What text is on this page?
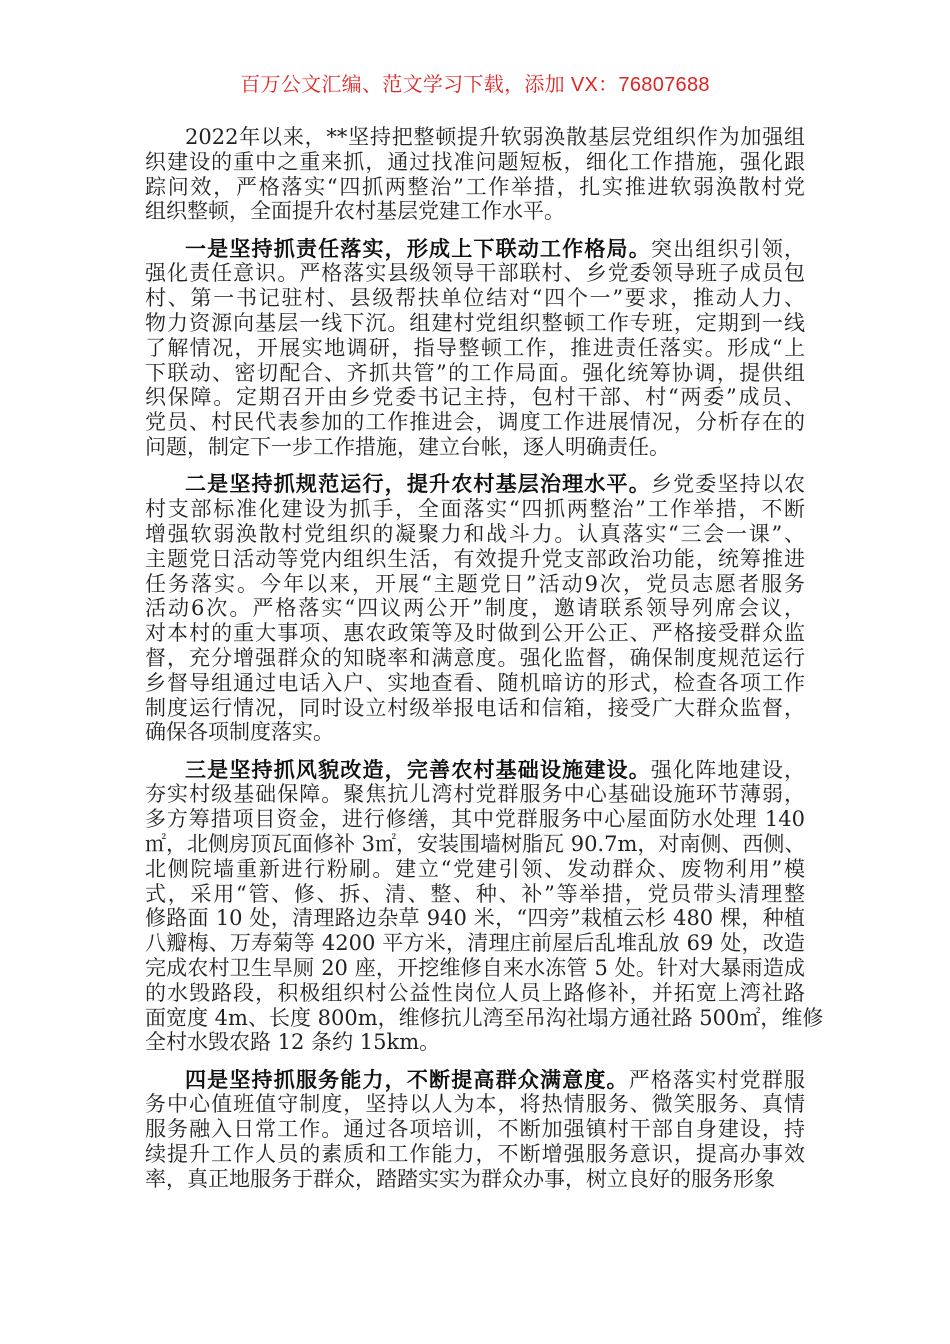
百万公文汇编、范文学习下载，添加 VX：76807688
2022年以来，**坚持把整顿提升软弱涣散基层党组织作为加强组
织建设的重中之重来抓，通过找准问题短板，细化工作措施，强化跟
踪问效，严格落实“四抓两整治”工作举措，扎实推进软弱涣散村党
组织整顿，全面提升农村基层党建工作水平。
一是坚持抓责任落实，形成上下联动工作格局。突出组织引领，
强化责任意识。严格落实县级领导干部联村、乡党委领导班子成员包
村、第一书记驻村、县级帮扶单位结对“四个一”要求，推动人力、
物力资源向基层一线下沉。组建村党组织整顿工作专班，定期到一线
了解情况，开展实地调研，指导整顿工作，推进责任落实。形成“上
下联动、密切配合、齐抓共管”的工作局面。强化统筹协调，提供组
织保障。定期召开由乡党委书记主持，包村干部、村“两委”成员、
党员、村民代表参加的工作推进会，调度工作进展情况，分析存在的
问题，制定下一步工作措施，建立台帐，逐人明确责任。
二是坚持抓规范运行，提升农村基层治理水平。乡党委坚持以农
村支部标准化建设为抓手，全面落实“四抓两整治”工作举措，不断
增强软弱涣散村党组织的凝聚力和战斗力。认真落实“三会一课”、
主题党日活动等党内组织生活，有效提升党支部政治功能，统筹推进
任务落实。今年以来，开展“主题党日”活动9次，党员志愿者服务
活动6次。严格落实“四议两公开”制度，邀请联系领导列席会议，
对本村的重大事项、惠农政策等及时做到公开公正、严格接受群众监
督，充分增强群众的知晓率和满意度。强化监督，确保制度规范运行
乡督导组通过电话入户、实地查看、随机暗访的形式，检查各项工作
制度运行情况，同时设立村级举报电话和信箱，接受广大群众监督，
确保各项制度落实。
三是坚持抓风貌改造，完善农村基础设施建设。强化阵地建设，
夯实村级基础保障。聚焦抗儿湾村党群服务中心基础设施环节薄弱，
多方筹措项目资金，进行修缮，其中党群服务中心屋面防水处理 140
㎡，北侧房顶瓦面修补 3㎡，安装围墙树脂瓦 90.7m，对南侧、西侧、
北侧院墙重新进行粉刷。建立“党建引领、发动群众、废物利用”模
式，采用“管、修、拆、清、整、种、补”等举措，党员带头清理整
修路面 10 处，清理路边杂草 940 米，“四旁”栽植云杉 480 棵，种植
八瓣梅、万寿菊等 4200 平方米，清理庄前屋后乱堆乱放 69 处，改造
完成农村卫生旱厕 20 座，开挖维修自来水冻管 5 处。针对大暴雨造成
的水毁路段，积极组织村公益性岗位人员上路修补，并拓宽上湾社路
面宽度 4m、长度 800m，维修抗儿湾至吊沟社塌方通社路 500㎡，维修
全村水毁农路 12 条约 15km。
四是坚持抓服务能力，不断提高群众满意度。严格落实村党群服
务中心值班值守制度，坚持以人为本，将热情服务、微笑服务、真情
服务融入日常工作。通过各项培训，不断加强镇村干部自身建设，持
续提升工作人员的素质和工作能力，不断增强服务意识，提高办事效
率，真正地服务于群众，踏踏实实为群众办事，树立良好的服务形象
